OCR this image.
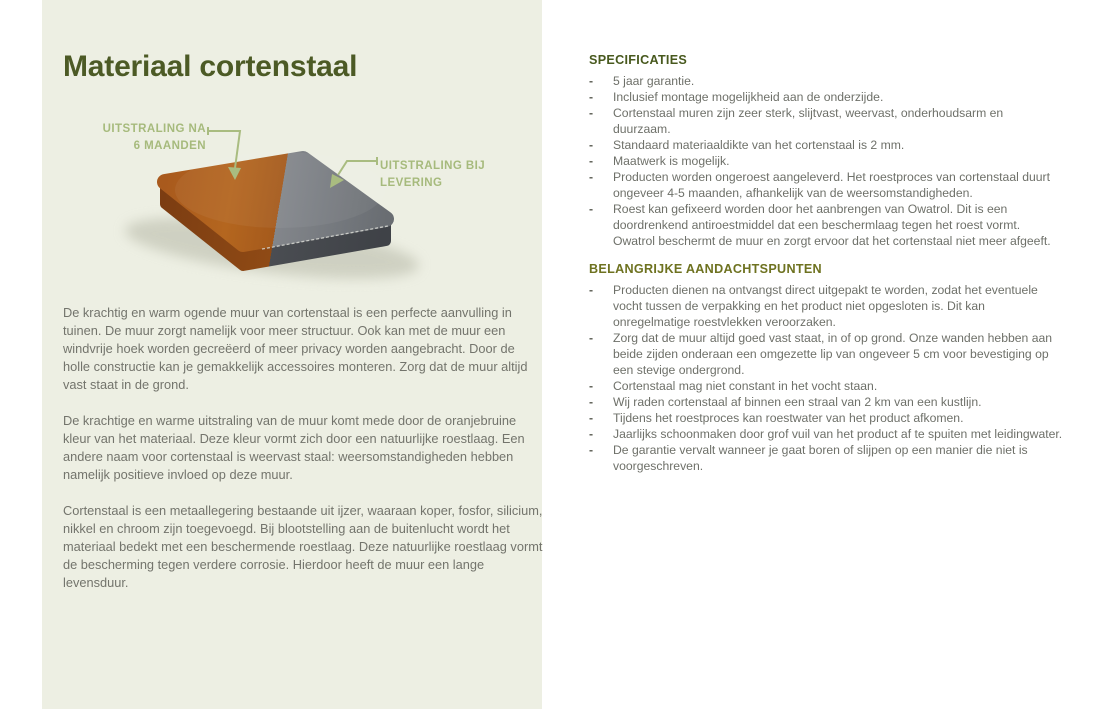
Materiaal cortenstaal
UITSTRALING NA
6 MAANDEN
UITSTRALING BIJ
LEVERING

De krachtig en warm ogende muur van cortenstaal is een perfecte aanvulling in tuinen. De muur zorgt namelijk voor meer structuur. Ook kan met de muur een windvrije hoek worden gecreëerd of meer privacy worden aangebracht. Door de holle constructie kan je gemakkelijk accessoires monteren. Zorg dat de muur altijd vast staat in de grond.

De krachtige en warme uitstraling van de muur komt mede door de oranjebruine kleur van het materiaal. Deze kleur vormt zich door een natuurlijke roestlaag. Een andere naam voor cortenstaal is weervast staal: weersomstandigheden hebben namelijk positieve invloed op deze muur.

Cortenstaal is een metaallegering bestaande uit ijzer, waaraan koper, fosfor, silicium, nikkel en chroom zijn toegevoegd. Bij blootstelling aan de buitenlucht wordt het materiaal bedekt met een beschermende roestlaag. Deze natuurlijke roestlaag vormt de bescherming tegen verdere corrosie. Hierdoor heeft de muur een lange levensduur.

SPECIFICATIES
-	5 jaar garantie.
-	Inclusief montage mogelijkheid aan de onderzijde.
-	Cortenstaal muren zijn zeer sterk, slijtvast, weervast, onderhoudsarm en duurzaam.
-	Standaard materiaaldikte van het cortenstaal is 2 mm.
-	Maatwerk is mogelijk.
-	Producten worden ongeroest aangeleverd. Het roestproces van cortenstaal duurt ongeveer 4-5 maanden, afhankelijk van de weersomstandigheden.
-	Roest kan gefixeerd worden door het aanbrengen van Owatrol. Dit is een doordrenkend antiroestmiddel dat een beschermlaag tegen het roest vormt. Owatrol beschermt de muur en zorgt ervoor dat het cortenstaal niet meer afgeeft.
BELANGRIJKE AANDACHTSPUNTEN
-	Producten dienen na ontvangst direct uitgepakt te worden, zodat het eventuele vocht tussen de verpakking en het product niet opgesloten is. Dit kan onregelmatige roestvlekken veroorzaken.
-	Zorg dat de muur altijd goed vast staat, in of op grond. Onze wanden hebben aan beide zijden onderaan een omgezette lip van ongeveer 5 cm voor bevestiging op een stevige ondergrond.
-	Cortenstaal mag niet constant in het vocht staan.
-	Wij raden cortenstaal af binnen een straal van 2 km van een kustlijn.
-	Tijdens het roestproces kan roestwater van het product afkomen.
-	Jaarlijks schoonmaken door grof vuil van het product af te spuiten met leidingwater.
-	De garantie vervalt wanneer je gaat boren of slijpen op een manier die niet is voorgeschreven.
